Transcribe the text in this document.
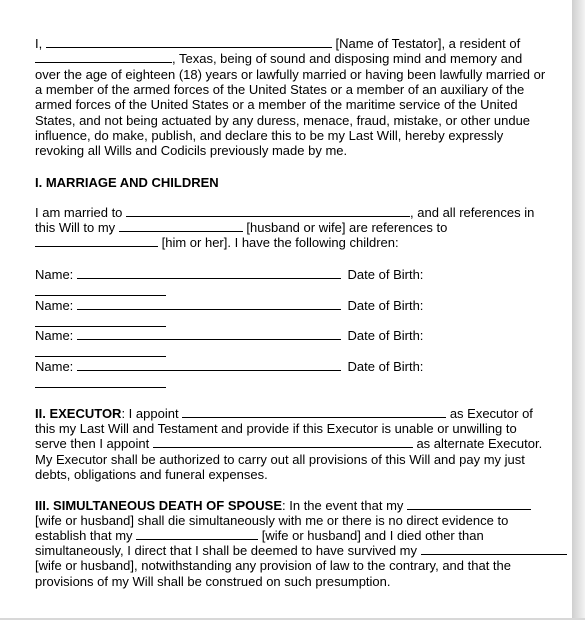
I,	[Name of Testator], a resident of
, Texas, being of sound and disposing mind and memory and
over the age of eighteen (18) years or lawfully married or having been lawfully married or
a member of the armed forces of the United States or a member of an auxiliary of the
armed forces of the United States or a member of the maritime service of the United
States, and not being actuated by any duress, menace, fraud, mistake, or other undue
influence, do make, publish, and declare this to be my Last Will, hereby expressly
revoking all Wills and Codicils previously made by me.
I. MARRIAGE AND CHILDREN
I am married to	, and all references in
this Will to my	[husband or wife] are references to
[him or her]. I have the following children:
Name:	Date of Birth:
Name:	Date of Birth:
Name:	Date of Birth:
Name:	Date of Birth:
II. EXECUTOR: I appoint	as Executor of
this my Last Will and Testament and provide if this Executor is unable or unwilling to
serve then I appoint	as alternate Executor.
My Executor shall be authorized to carry out all provisions of this Will and pay my just
debts, obligations and funeral expenses.
III. SIMULTANEOUS DEATH OF SPOUSE: In the event that my
[wife or husband] shall die simultaneously with me or there is no direct evidence to
establish that my	[wife or husband] and I died other than
simultaneously, I direct that I shall be deemed to have survived my
[wife or husband], notwithstanding any provision of law to the contrary, and that the
provisions of my Will shall be construed on such presumption.
